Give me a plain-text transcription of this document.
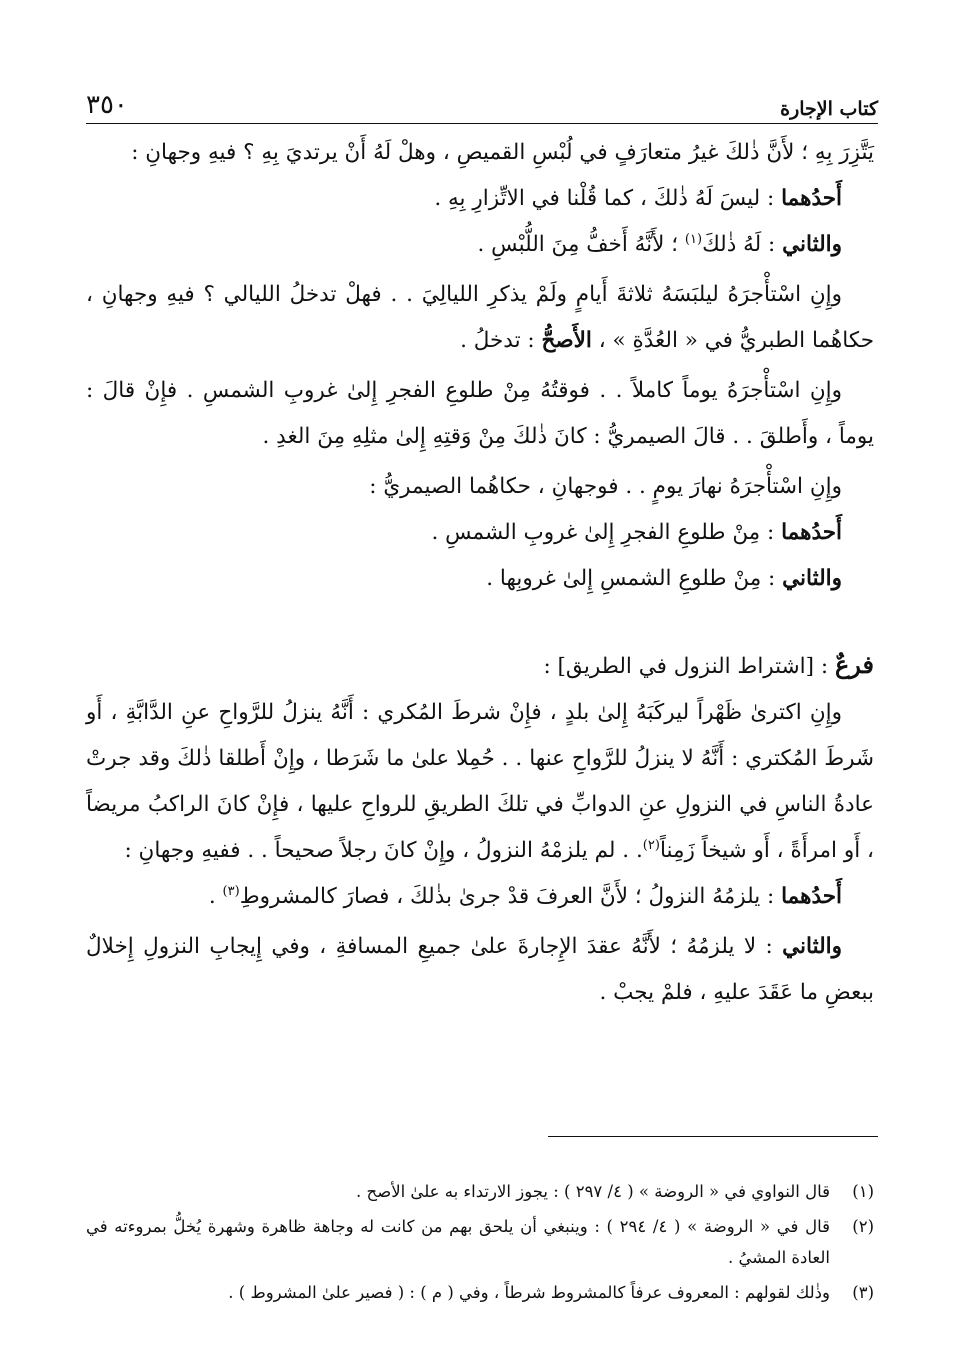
كتاب الإجارة
٣٥٠

يَتَّزِرَ بِهِ ؛ لأَنَّ ذٰلكَ غيرُ متعارَفٍ في لُبْسِ القميصِ ، وهلْ لَهُ أَنْ يرتديَ بِهِ ؟ فيهِ وجهانِ :

أَحدُهما : ليسَ لَهُ ذٰلكَ ، كما قُلْنا في الاتِّزارِ بِهِ .

والثاني : لَهُ ذٰلكَ$^{(١)}$ ؛ لأَنَّهُ أَخفُّ مِنَ اللُّبْسِ .

وإِنِ اسْتأْجرَهُ ليلبَسَهُ ثلاثةَ أَيامٍ ولَمْ يذكرِ الليالِيَ . . فهلْ تدخلُ الليالي ؟ فيهِ وجهانِ ، حكاهُما الطبريُّ في « العُدَّةِ » ، الأَصحُّ : تدخلُ .

وإِنِ اسْتأْجرَهُ يوماً كاملاً . . فوقتُهُ مِنْ طلوعِ الفجرِ إِلىٰ غروبِ الشمسِ . فإِنْ قالَ : يوماً ، وأَطلقَ . . قالَ الصيمريُّ : كانَ ذٰلكَ مِنْ وَقتِهِ إِلىٰ مثلِهِ مِنَ الغدِ .

وإِنِ اسْتأْجرَهُ نهارَ يومٍ . . فوجهانِ ، حكاهُما الصيمريُّ :

أَحدُهما : مِنْ طلوعِ الفجرِ إِلىٰ غروبِ الشمسِ .

والثاني : مِنْ طلوعِ الشمسِ إِلىٰ غروبِها .

فرعٌ : [اشتراط النزول في الطريق] :

وإِنِ اكترىٰ ظَهْراً ليركَبَهُ إِلىٰ بلدٍ ، فإِنْ شرطَ المُكري : أَنَّهُ ينزلُ للرَّواحِ عنِ الدَّابَّةِ ، أَو شَرطَ المُكتري : أَنَّهُ لا ينزلُ للرَّواحِ عنها . . حُمِلا علىٰ ما شَرَطا ، وإِنْ أَطلقا ذٰلكَ وقد جرتْ عادةُ الناسِ في النزولِ عنِ الدوابِّ في تلكَ الطريقِ للرواحِ عليها ، فإِنْ كانَ الراكبُ مريضاً ، أَو امرأَةً ، أَو شيخاً زَمِناً$^{(٢)}$. . لم يلزمْهُ النزولُ ، وإِنْ كانَ رجلاً صحيحاً . . ففيهِ وجهانِ :

أَحدُهما : يلزمُهُ النزولُ ؛ لأَنَّ العرفَ قدْ جرىٰ بذٰلكَ ، فصارَ كالمشروطِ$^{(٣)}$ .

والثاني : لا يلزمُهُ ؛ لأَنَّهُ عقدَ الإِجارةَ علىٰ جميعِ المسافةِ ، وفي إِيجابِ النزولِ إِخلالٌ ببعضِ ما عَقَدَ عليهِ ، فلمْ يجبْ .

(١)
قال النواوي في « الروضة » ( ٤/ ٢٩٧ ) : يجوز الارتداء به علىٰ الأصح .
(٢)
قال في « الروضة » ( ٤/ ٢٩٤ ) : وينبغي أن يلحق بهم من كانت له وجاهة ظاهرة وشهرة يُخلُّ بمروءته في العادة المشيُ .
(٣)
وذٰلك لقولهم : المعروف عرفاً كالمشروط شرطاً ، وفي ( م ) : ( فصير علىٰ المشروط ) .
